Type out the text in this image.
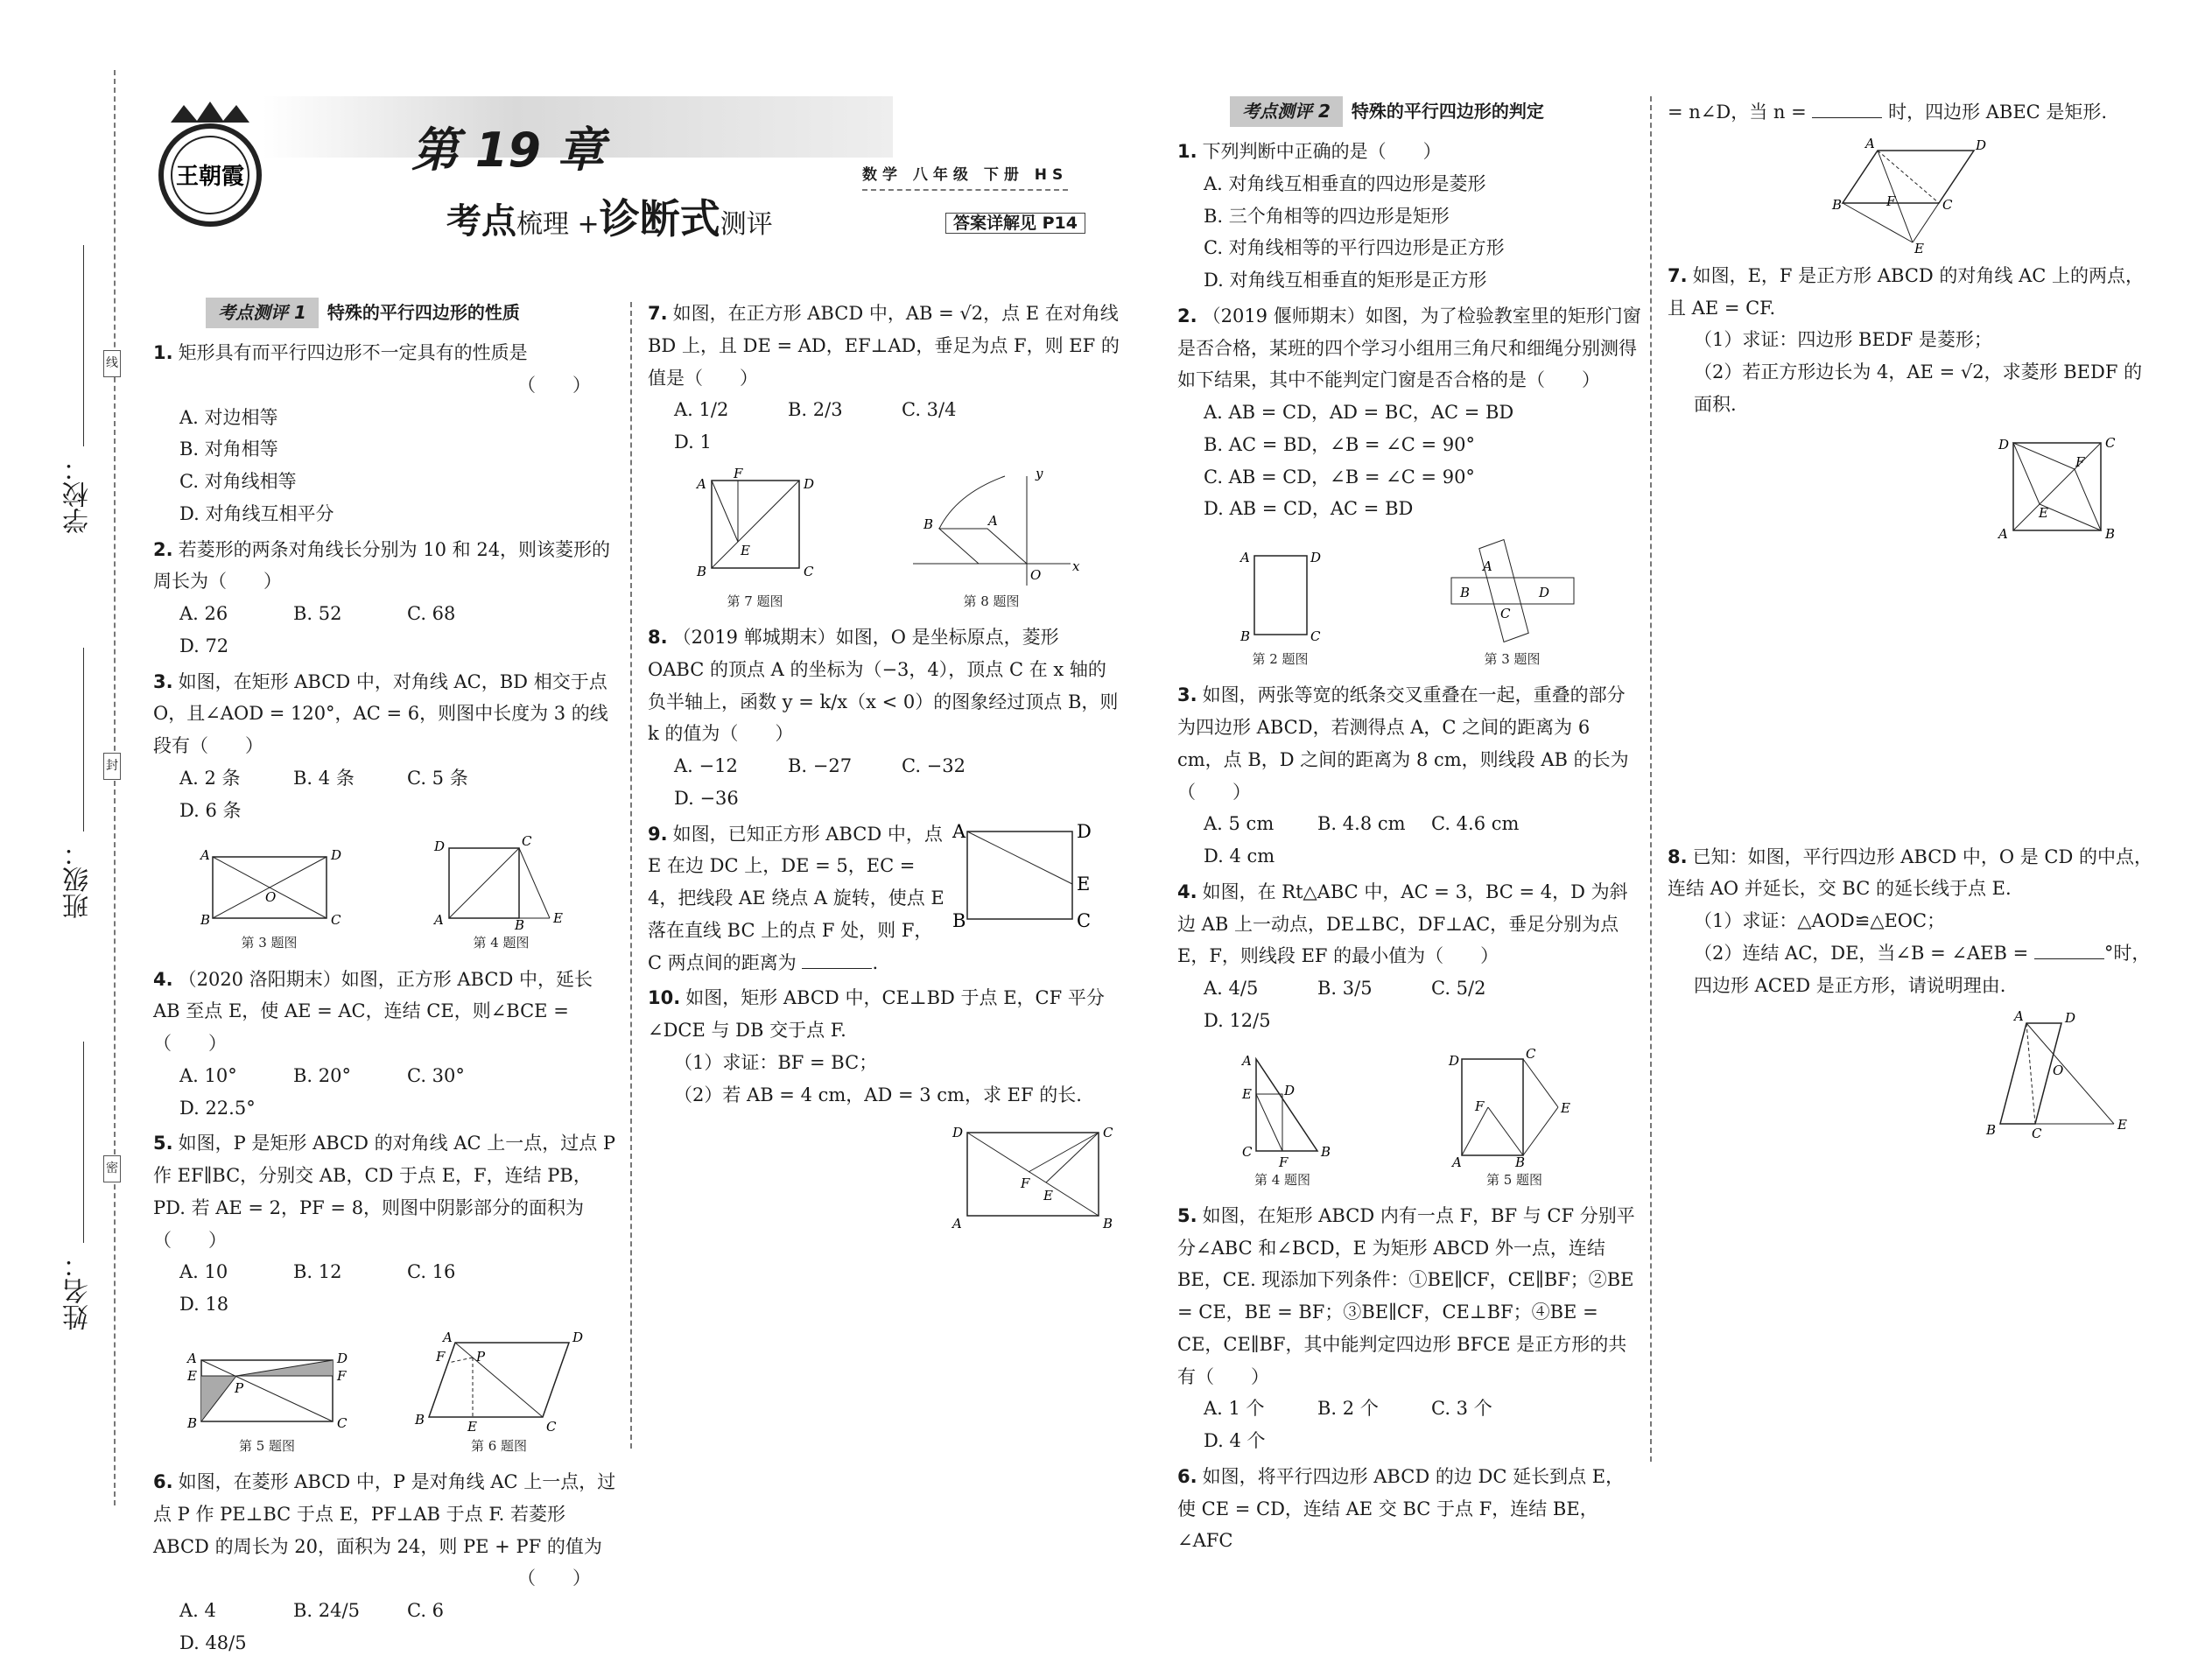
学校：
班级：
姓名：
线
封
密
王朝霞	第 19 章
考点梳理 +诊断式测评
数学 八年级 下册 HS
答案详解见 P14
考点测评 1	特殊的平行四边形的性质
1. 矩形具有而平行四边形不一定具有的性质是
（　　）
A. 对边相等
B. 对角相等
C. 对角线相等
D. 对角线互相平分
2. 若菱形的两条对角线长分别为 10 和 24，则该菱形的周长为（　　）
A. 26	B. 52	C. 68
D. 72
3. 如图，在矩形 ABCD 中，对角线 AC，BD 相交于点 O，且∠AOD = 120°，AC = 6，则图中长度为 3 的线段有（　　）
A. 2 条	B. 4 条	C. 5 条
D. 6 条
A	D
B	C
O
第 3 题图
D	C
A	B E
第 4 题图
4. （2020 洛阳期末）如图，正方形 ABCD 中，延长 AB 至点 E，使 AE = AC，连结 CE，则∠BCE =（　　）
A. 10°	B. 20°	C. 30°
D. 22.5°
5. 如图，P 是矩形 ABCD 的对角线 AC 上一点，过点 P 作 EF∥BC，分别交 AB，CD 于点 E，F，连结 PB，PD. 若 AE = 2，PF = 8，则图中阴影部分的面积为（　　）
A. 10	B. 12	C. 16
D. 18
A	D
E	F
B	C
P
第 5 题图
A	D
F P
B	E	C
第 6 题图
6. 如图，在菱形 ABCD 中，P 是对角线 AC 上一点，过点 P 作 PE⊥BC 于点 E，PF⊥AB 于点 F. 若菱形 ABCD 的周长为 20，面积为 24，则 PE + PF 的值为
（　　）
A. 4	B. 24/5	C. 6
D. 48/5
7. 如图，在正方形 ABCD 中，AB = √2，点 E 在对角线 BD 上，且 DE = AD，EF⊥AD，垂足为点 F，则 EF 的值是（　　）
A. 1/2	B. 2/3	C. 3/4
D. 1
A
F
D
B
E
C
第 7 题图
B	A
y
x
O
第 8 题图
8. （2019 郸城期末）如图，O 是坐标原点，菱形 OABC 的顶点 A 的坐标为（−3，4），顶点 C 在 x 轴的负半轴上，函数 y = k/x（x < 0）的图象经过顶点 B，则 k 的值为（　　）
A. −12	B. −27	C. −32
D. −36
9. 如图，已知正方形 ABCD 中，点 E 在边 DC 上，DE = 5，EC = 4，把线段 AE 绕点 A 旋转，使点 E 落在直线 BC 上的点 F 处，则 F，C 两点间的距离为	.
A	D
E
B	C
10. 如图，矩形 ABCD 中，CE⊥BD 于点 E，CF 平分∠DCE 与 DB 交于点 F.
（1）求证：BF = BC；
（2）若 AB = 4 cm，AD = 3 cm，求 EF 的长.
D	C
F
E
A	B
考点测评 2	特殊的平行四边形的判定
1. 下列判断中正确的是（　　）
A. 对角线互相垂直的四边形是菱形
B. 三个角相等的四边形是矩形
C. 对角线相等的平行四边形是正方形
D. 对角线互相垂直的矩形是正方形
2. （2019 偃师期末）如图，为了检验教室里的矩形门窗是否合格，某班的四个学习小组用三角尺和细绳分别测得如下结果，其中不能判定门窗是否合格的是（　　）
A. AB = CD，AD = BC，AC = BD
B. AC = BD，∠B = ∠C = 90°
C. AB = CD，∠B = ∠C = 90°
D. AB = CD，AC = BD
A	D
B	C
第 2 题图
A
B	D
C
第 3 题图
3. 如图，两张等宽的纸条交叉重叠在一起，重叠的部分为四边形 ABCD，若测得点 A，C 之间的距离为 6 cm，点 B，D 之间的距离为 8 cm，则线段 AB 的长为（　　）
A. 5 cm	B. 4.8 cm	C. 4.6 cm
D. 4 cm
4. 如图，在 Rt△ABC 中，AC = 3，BC = 4，D 为斜边 AB 上一动点，DE⊥BC，DF⊥AC，垂足分别为点 E，F，则线段 EF 的最小值为（　　）
A. 4/5	B. 3/5	C. 5/2
D. 12/5
A
E D
C
F
B
第 4 题图
D	C
F	E
A	B
第 5 题图
5. 如图，在矩形 ABCD 内有一点 F，BF 与 CF 分别平分∠ABC 和∠BCD，E 为矩形 ABCD 外一点，连结 BE，CE. 现添加下列条件：①BE∥CF，CE∥BF；②BE = CE，BE = BF；③BE∥CF，CE⊥BF；④BE = CE，CE∥BF，其中能判定四边形 BFCE 是正方形的共有（　　）
A. 1 个	B. 2 个	C. 3 个
D. 4 个
6. 如图，将平行四边形 ABCD 的边 DC 延长到点 E，使 CE = CD，连结 AE 交 BC 于点 F，连结 BE，∠AFC
= n∠D，当 n =	时，四边形 ABEC 是矩形.
A	D
B	C
F
E
7. 如图，E，F 是正方形 ABCD 的对角线 AC 上的两点，且 AE = CF.
（1）求证：四边形 BEDF 是菱形；
（2）若正方形边长为 4，AE = √2，求菱形 BEDF 的面积.
D	C
F
E
A	B
8. 已知：如图，平行四边形 ABCD 中，O 是 CD 的中点，连结 AO 并延长，交 BC 的延长线于点 E.
（1）求证：△AOD≌△EOC；
（2）连结 AC，DE，当∠B = ∠AEB =	°时，四边形 ACED 是正方形，请说明理由.
A	D
O
B	C
E
